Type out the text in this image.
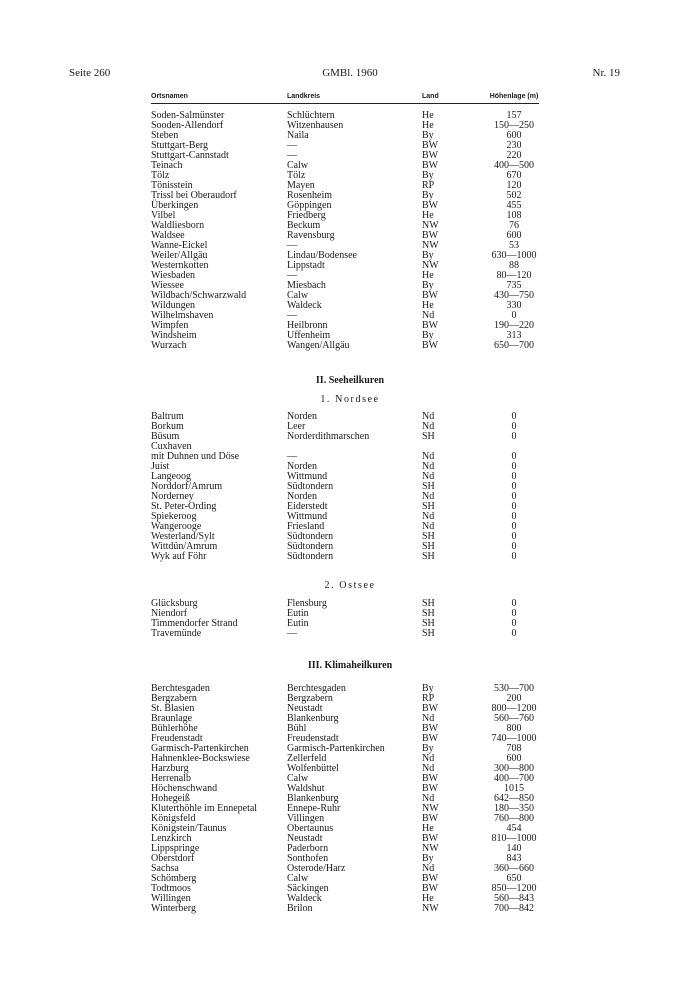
Seite 260	GMBl. 1960	Nr. 19
Ortsnamen	Landkreis	Land	Höhenlage (m)
Soden-Salmünster	Schlüchtern	He	157
Sooden-Allendorf	Witzenhausen	He	150—250
Steben	Naila	By	600
Stuttgart-Berg	—	BW	230
Stuttgart-Cannstadt	—	BW	220
Teinach	Calw	BW	400—500
Tölz	Tölz	By	670
Tönisstein	Mayen	RP	120
Trissl bei Oberaudorf	Rosenheim	By	502
Überkingen	Göppingen	BW	455
Vilbel	Friedberg	He	108
Waldliesborn	Beckum	NW	76
Waldsee	Ravensburg	BW	600
Wanne-Eickel	—	NW	53
Weiler/Allgäu	Lindau/Bodensee	By	630—1000
Westernkotten	Lippstadt	NW	88
Wiesbaden	—	He	80—120
Wiessee	Miesbach	By	735
Wildbach/Schwarzwald	Calw	BW	430—750
Wildungen	Waldeck	He	330
Wilhelmshaven	—	Nd	0
Wimpfen	Heilbronn	BW	190—220
Windsheim	Uffenheim	By	313
Wurzach	Wangen/Allgäu	BW	650—700
II. Seeheilkuren
1. Nordsee
Baltrum	Norden	Nd	0
Borkum	Leer	Nd	0
Büsum	Norderdithmarschen	SH	0
Cuxhaven
mit Duhnen und Döse	—	Nd	0
Juist	Norden	Nd	0
Langeoog	Wittmund	Nd	0
Norddorf/Amrum	Südtondern	SH	0
Norderney	Norden	Nd	0
St. Peter-Ording	Eiderstedt	SH	0
Spiekeroog	Wittmund	Nd	0
Wangerooge	Friesland	Nd	0
Westerland/Sylt	Südtondern	SH	0
Wittdün/Amrum	Südtondern	SH	0
Wyk auf Föhr	Südtondern	SH	0
2. Ostsee
Glücksburg	Flensburg	SH	0
Niendorf	Eutin	SH	0
Timmendorfer Strand	Eutin	SH	0
Travemünde	—	SH	0
III. Klimaheilkuren
Berchtesgaden	Berchtesgaden	By	530—700
Bergzabern	Bergzabern	RP	200
St. Blasien	Neustadt	BW	800—1200
Braunlage	Blankenburg	Nd	560—760
Bühlerhöhe	Bühl	BW	800
Freudenstadt	Freudenstadt	BW	740—1000
Garmisch-Partenkirchen	Garmisch-Partenkirchen	By	708
Hahnenklee-Bockswiese	Zellerfeld	Nd	600
Harzburg	Wolfenbüttel	Nd	300—800
Herrenalb	Calw	BW	400—700
Höchenschwand	Waldshut	BW	1015
Hohegeiß	Blankenburg	Nd	642—850
Kluterthöhle im Ennepetal	Ennepe-Ruhr	NW	180—350
Königsfeld	Villingen	BW	760—800
Königstein/Taunus	Obertaunus	He	454
Lenzkirch	Neustadt	BW	810—1000
Lippspringe	Paderborn	NW	140
Oberstdorf	Sonthofen	By	843
Sachsa	Osterode/Harz	Nd	360—660
Schömberg	Calw	BW	650
Todtmoos	Säckingen	BW	850—1200
Willingen	Waldeck	He	560—843
Winterberg	Brilon	NW	700—842
